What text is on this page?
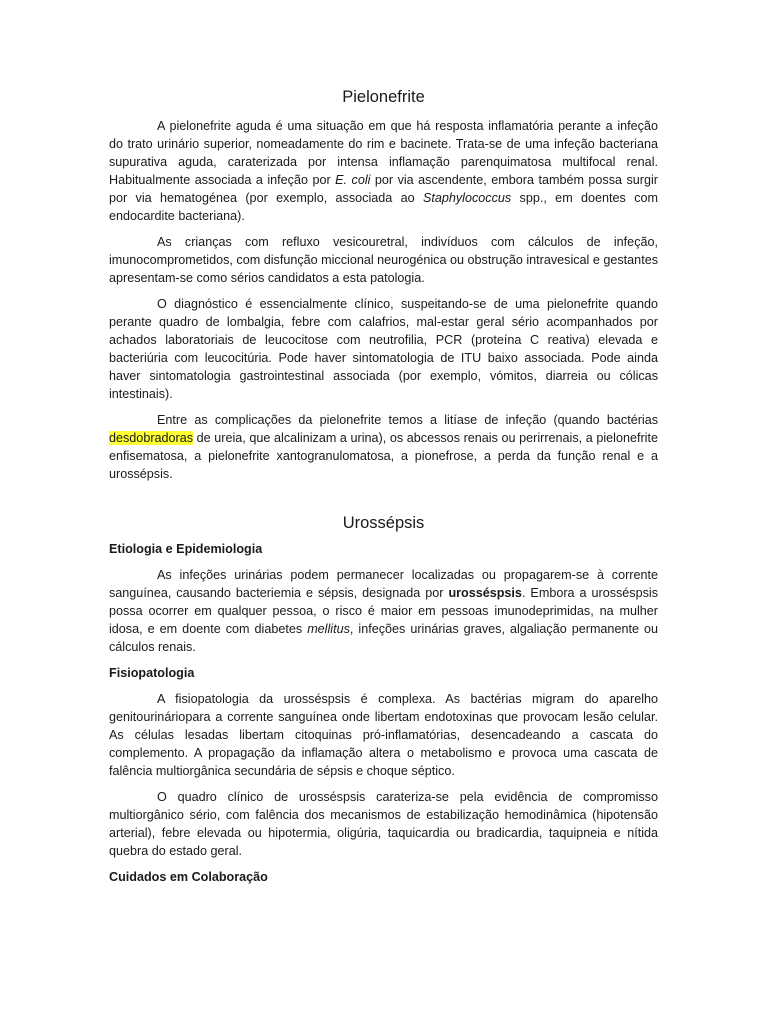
Pielonefrite

A pielonefrite aguda é uma situação em que há resposta inflamatória perante a infeção do trato urinário superior, nomeadamente do rim e bacinete. Trata-se de uma infeção bacteriana supurativa aguda, caraterizada por intensa inflamação parenquimatosa multifocal renal. Habitualmente associada a infeção por E. coli por via ascendente, embora também possa surgir por via hematogénea (por exemplo, associada ao Staphylococcus spp., em doentes com endocardite bacteriana).

As crianças com refluxo vesicouretral, indivíduos com cálculos de infeção, imunocomprometidos, com disfunção miccional neurogénica ou obstrução intravesical e gestantes apresentam-se como sérios candidatos a esta patologia.

O diagnóstico é essencialmente clínico, suspeitando-se de uma pielonefrite quando perante quadro de lombalgia, febre com calafrios, mal-estar geral sério acompanhados por achados laboratoriais de leucocitose com neutrofilia, PCR (proteína C reativa) elevada e bacteriúria com leucocitúria. Pode haver sintomatologia de ITU baixo associada. Pode ainda haver sintomatologia gastrointestinal associada (por exemplo, vómitos, diarreia ou cólicas intestinais).

Entre as complicações da pielonefrite temos a litíase de infeção (quando bactérias desdobradoras de ureia, que alcalinizam a urina), os abcessos renais ou perirrenais, a pielonefrite enfisematosa, a pielonefrite xantogranulomatosa, a pionefrose, a perda da função renal e a urossépsis.

Urossépsis

Etiologia e Epidemiologia

As infeções urinárias podem permanecer localizadas ou propagarem-se à corrente sanguínea, causando bacteriemia e sépsis, designada por urosséspsis. Embora a urosséspsis possa ocorrer em qualquer pessoa, o risco é maior em pessoas imunodeprimidas, na mulher idosa, e em doente com diabetes mellitus, infeções urinárias graves, algaliação permanente ou cálculos renais.

Fisiopatologia

A fisiopatologia da urosséspsis é complexa. As bactérias migram do aparelho genitourináriopara a corrente sanguínea onde libertam endotoxinas que provocam lesão celular. As células lesadas libertam citoquinas pró-inflamatórias, desencadeando a cascata do complemento. A propagação da inflamação altera o metabolismo e provoca uma cascata de falência multiorgânica secundária de sépsis e choque séptico.

O quadro clínico de urosséspsis carateriza-se pela evidência de compromisso multiorgânico sério, com falência dos mecanismos de estabilização hemodinâmica (hipotensão arterial), febre elevada ou hipotermia, oligúria, taquicardia ou bradicardia, taquipneia e nítida quebra do estado geral.

Cuidados em Colaboração
